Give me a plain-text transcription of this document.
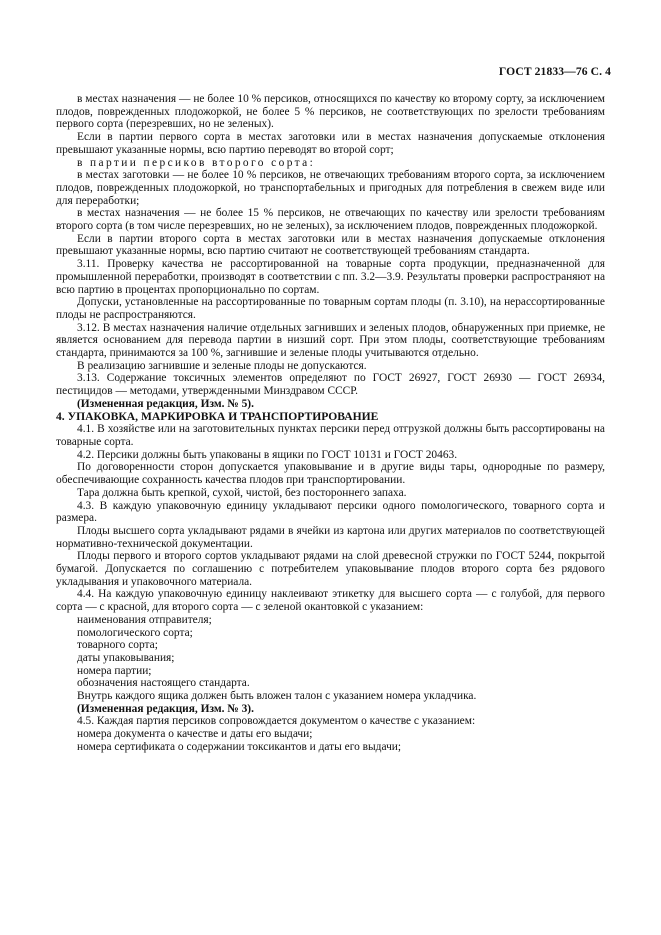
ГОСТ 21833—76 С. 4

в местах назначения — не более 10 % персиков, относящихся по качеству ко второму сорту, за исключением плодов, поврежденных плодожоркой, не более 5 % персиков, не соответствующих по зрелости требованиям первого сорта (перезревших, но не зеленых).

Если в партии первого сорта в местах заготовки или в местах назначения допускаемые отклонения превышают указанные нормы, всю партию переводят во второй сорт;

в партии персиков второго сорта:

в местах заготовки — не более 10 % персиков, не отвечающих требованиям второго сорта, за исключением плодов, поврежденных плодожоркой, но транспортабельных и пригодных для потребления в свежем виде или для переработки;

в местах назначения — не более 15 % персиков, не отвечающих по качеству или зрелости требованиям второго сорта (в том числе перезревших, но не зеленых), за исключением плодов, поврежденных плодожоркой.

Если в партии второго сорта в местах заготовки или в местах назначения допускаемые отклонения превышают указанные нормы, всю партию считают не соответствующей требованиям стандарта.

3.11. Проверку качества не рассортированной на товарные сорта продукции, предназначенной для промышленной переработки, производят в соответствии с пп. 3.2—3.9. Результаты проверки распространяют на всю партию в процентах пропорционально по сортам.

Допуски, установленные на рассортированные по товарным сортам плоды (п. 3.10), на нерассортированные плоды не распространяются.

3.12. В местах назначения наличие отдельных загнивших и зеленых плодов, обнаруженных при приемке, не является основанием для перевода партии в низший сорт. При этом плоды, соответствующие требованиям стандарта, принимаются за 100 %, загнившие и зеленые плоды учитываются отдельно.

В реализацию загнившие и зеленые плоды не допускаются.

3.13. Содержание токсичных элементов определяют по ГОСТ 26927, ГОСТ 26930 — ГОСТ 26934, пестицидов — методами, утвержденными Минздравом СССР.

(Измененная редакция, Изм. № 5).

4. УПАКОВКА, МАРКИРОВКА И ТРАНСПОРТИРОВАНИЕ

4.1. В хозяйстве или на заготовительных пунктах персики перед отгрузкой должны быть рассортированы на товарные сорта.

4.2. Персики должны быть упакованы в ящики по ГОСТ 10131 и ГОСТ 20463.

По договоренности сторон допускается упаковывание и в другие виды тары, однородные по размеру, обеспечивающие сохранность качества плодов при транспортировании.

Тара должна быть крепкой, сухой, чистой, без постороннего запаха.

4.3. В каждую упаковочную единицу укладывают персики одного помологического, товарного сорта и размера.

Плоды высшего сорта укладывают рядами в ячейки из картона или других материалов по соответствующей нормативно-технической документации.

Плоды первого и второго сортов укладывают рядами на слой древесной стружки по ГОСТ 5244, покрытой бумагой. Допускается по соглашению с потребителем упаковывание плодов второго сорта без рядового укладывания и упаковочного материала.

4.4. На каждую упаковочную единицу наклеивают этикетку для высшего сорта — с голубой, для первого сорта — с красной, для второго сорта — с зеленой окантовкой с указанием:

наименования отправителя;

помологического сорта;

товарного сорта;

даты упаковывания;

номера партии;

обозначения настоящего стандарта.

Внутрь каждого ящика должен быть вложен талон с указанием номера укладчика.

(Измененная редакция, Изм. № 3).

4.5. Каждая партия персиков сопровождается документом о качестве с указанием:

номера документа о качестве и даты его выдачи;

номера сертификата о содержании токсикантов и даты его выдачи;
